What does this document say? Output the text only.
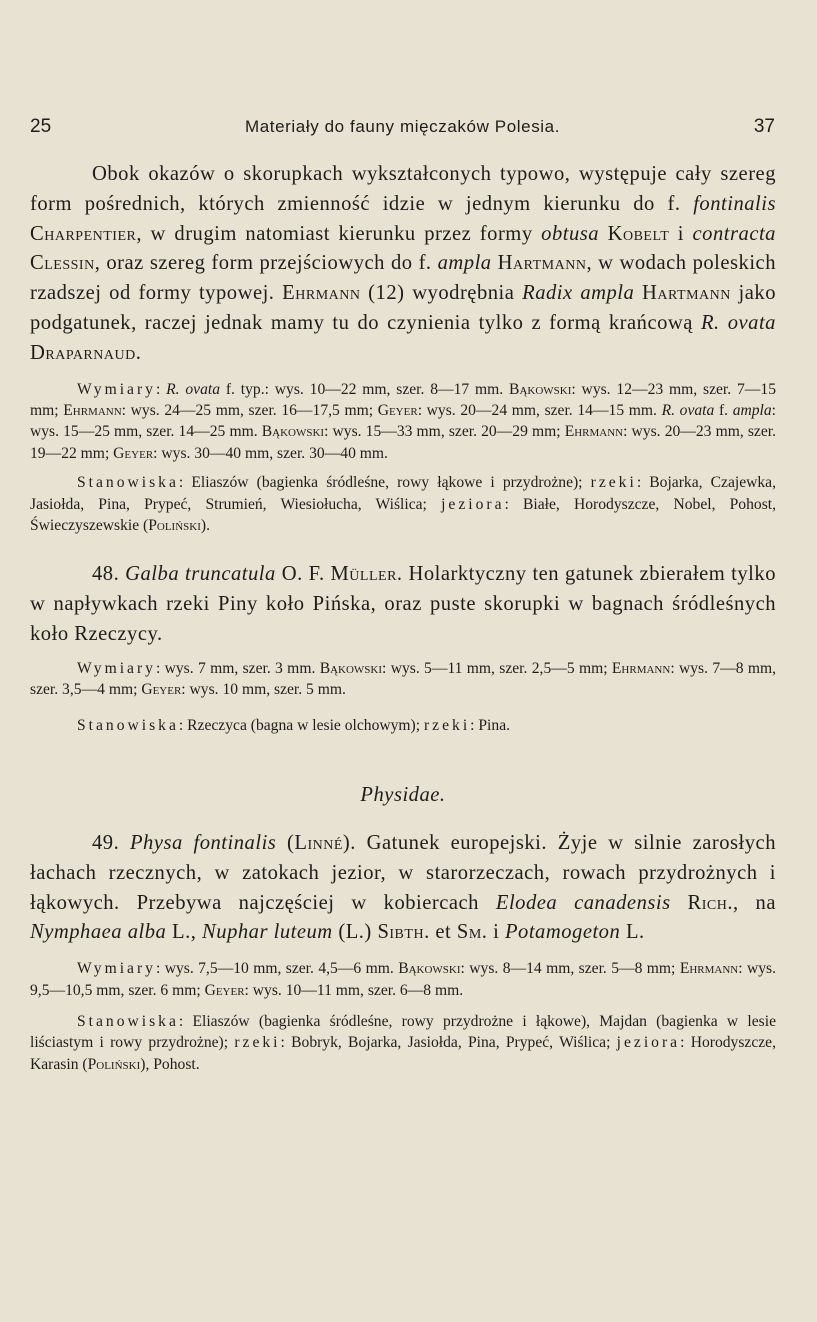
25	Materiały do fauny mięczaków Polesia.	37

Obok okazów o skorupkach wykształconych typowo, występuje cały szereg form pośrednich, których zmienność idzie w jednym kierunku do f. fontinalis Charpentier, w drugim natomiast kierunku przez formy obtusa Kobelt i contracta Clessin, oraz szereg form przejściowych do f. ampla Hartmann, w wodach poleskich rzadszej od formy typowej. Ehrmann (12) wyodrębnia Radix ampla Hartmann jako podgatunek, raczej jednak mamy tu do czynienia tylko z formą krańcową R. ovata Draparnaud.

Wymiary: R. ovata f. typ.: wys. 10—22 mm, szer. 8—17 mm. Bąkowski: wys. 12—23 mm, szer. 7—15 mm; Ehrmann: wys. 24—25 mm, szer. 16—17,5 mm; Geyer: wys. 20—24 mm, szer. 14—15 mm. R. ovata f. ampla: wys. 15—25 mm, szer. 14—25 mm. Bąkowski: wys. 15—33 mm, szer. 20—29 mm; Ehrmann: wys. 20—23 mm, szer. 19—22 mm; Geyer: wys. 30—40 mm, szer. 30—40 mm.

Stanowiska: Eliaszów (bagienka śródleśne, rowy łąkowe i przydrożne); rzeki: Bojarka, Czajewka, Jasiołda, Pina, Prypeć, Strumień, Wiesiołucha, Wiślica; jeziora: Białe, Horodyszcze, Nobel, Pohost, Świeczyszewskie (Poliński).

48. Galba truncatula O. F. Müller. Holarktyczny ten gatunek zbierałem tylko w napływkach rzeki Piny koło Pińska, oraz puste skorupki w bagnach śródleśnych koło Rzeczycy.

Wymiary: wys. 7 mm, szer. 3 mm. Bąkowski: wys. 5—11 mm, szer. 2,5—5 mm; Ehrmann: wys. 7—8 mm, szer. 3,5—4 mm; Geyer: wys. 10 mm, szer. 5 mm.

Stanowiska: Rzeczyca (bagna w lesie olchowym); rzeki: Pina.

Physidae.

49. Physa fontinalis (Linné). Gatunek europejski. Żyje w silnie zarosłych łachach rzecznych, w zatokach jezior, w starorzeczach, rowach przydrożnych i łąkowych. Przebywa najczęściej w kobiercach Elodea canadensis Rich., na Nymphaea alba L., Nuphar luteum (L.) Sibth. et Sm. i Potamogeton L.

Wymiary: wys. 7,5—10 mm, szer. 4,5—6 mm. Bąkowski: wys. 8—14 mm, szer. 5—8 mm; Ehrmann: wys. 9,5—10,5 mm, szer. 6 mm; Geyer: wys. 10—11 mm, szer. 6—8 mm.

Stanowiska: Eliaszów (bagienka śródleśne, rowy przydrożne i łąkowe), Majdan (bagienka w lesie liściastym i rowy przydrożne); rzeki: Bobryk, Bojarka, Jasiołda, Pina, Prypeć, Wiślica; jeziora: Horodyszcze, Karasin (Poliński), Pohost.
